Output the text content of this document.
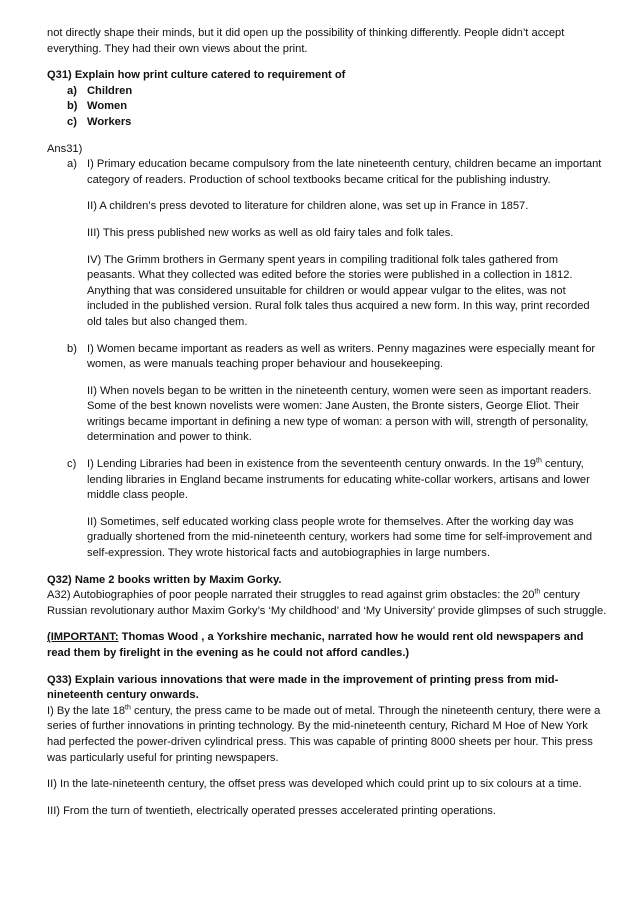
not directly shape their minds, but it did open up the possibility of thinking differently. People didn’t accept everything. They had their own views about the print.

Q31) Explain how print culture catered to requirement of

a) Children
b) Women
c) Workers

Ans31)

a) I) Primary education became compulsory from the late nineteenth century, children became an important category of readers. Production of school textbooks became critical for the publishing industry.

II) A children’s press devoted to literature for children alone, was set up in France in 1857.

III) This press published new works as well as old fairy tales and folk tales.

IV) The Grimm brothers in Germany spent years in compiling traditional folk tales gathered from peasants. What they collected was edited before the stories were published in a collection in 1812. Anything that was considered unsuitable for children or would appear vulgar to the elites, was not included in the published version. Rural folk tales thus acquired a new form. In this way, print recorded old tales but also changed them.

b) I) Women became important as readers as well as writers. Penny magazines were especially meant for women, as were manuals teaching proper behaviour and housekeeping.

II) When novels began to be written in the nineteenth century, women were seen as important readers. Some of the best known novelists were women: Jane Austen, the Bronte sisters, George Eliot. Their writings became important in defining a new type of woman: a person with will, strength of personality, determination and power to think.

c) I) Lending Libraries had been in existence from the seventeenth century onwards. In the 19th century, lending libraries in England became instruments for educating white-collar workers, artisans and lower middle class people.

II) Sometimes, self educated working class people wrote for themselves. After the working day was gradually shortened from the mid-nineteenth century, workers had some time for self-improvement and self-expression. They wrote historical facts and autobiographies in large numbers.

Q32) Name 2 books written by Maxim Gorky.

A32) Autobiographies of poor people narrated their struggles to read against grim obstacles: the 20th century Russian revolutionary author Maxim Gorky’s ‘My childhood’ and ‘My University’ provide glimpses of such struggle.

(IMPORTANT: Thomas Wood , a Yorkshire mechanic, narrated how he would rent old newspapers and read them by firelight in the evening as he could not afford candles.)

Q33) Explain various innovations that were made in the improvement of printing press from mid-nineteenth century onwards.

I) By the late 18th century, the press came to be made out of metal. Through the nineteenth century, there were a series of further innovations in printing technology. By the mid-nineteenth century, Richard M Hoe of New York had perfected the power-driven cylindrical press. This was capable of printing 8000 sheets per hour. This press was particularly useful for printing newspapers.

II) In the late-nineteenth century, the offset press was developed which could print up to six colours at a time.

III) From the turn of twentieth, electrically operated presses accelerated printing operations.
